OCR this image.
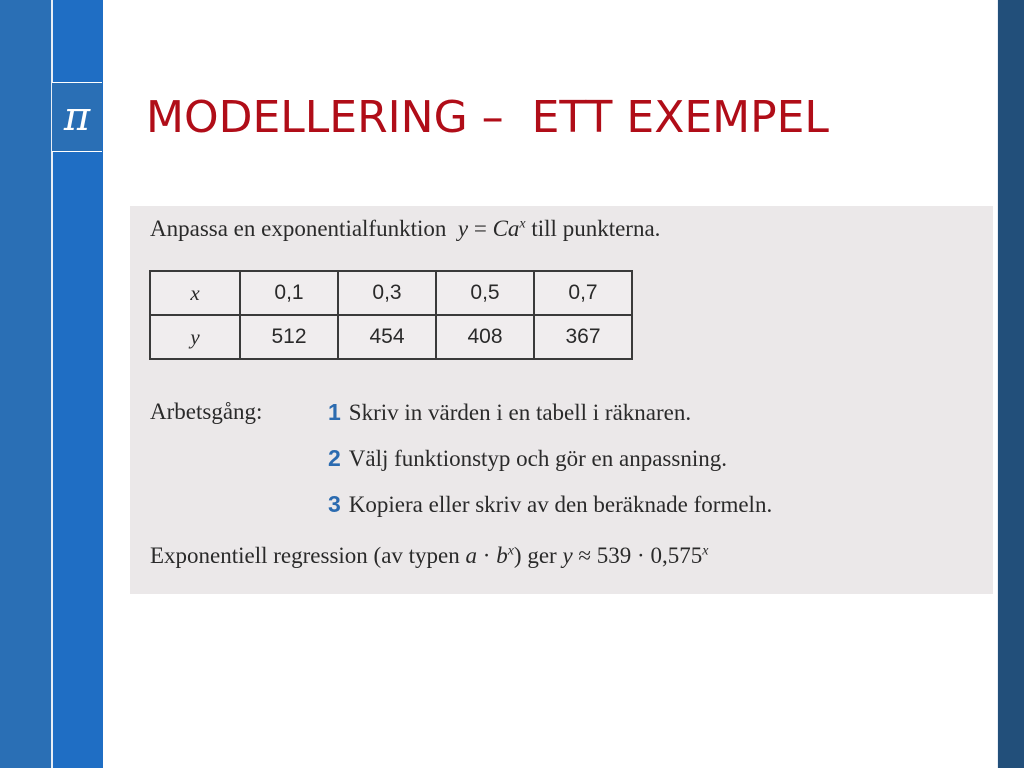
π MODELLERING –  ETT EXEMPEL
Anpassa en exponentialfunktion $y = Ca^x$ till punkterna.
x	0,1	0,3	0,5	0,7
y	512	454	408	367
Arbetsgång:	1 Skriv in värden i en tabell i räknaren.
2 Välj funktionstyp och gör en anpassning.
3 Kopiera eller skriv av den beräknade formeln.
Exponentiell regression (av typen $a \cdot b^x$) ger $y \approx 539 \cdot 0,575^x$
